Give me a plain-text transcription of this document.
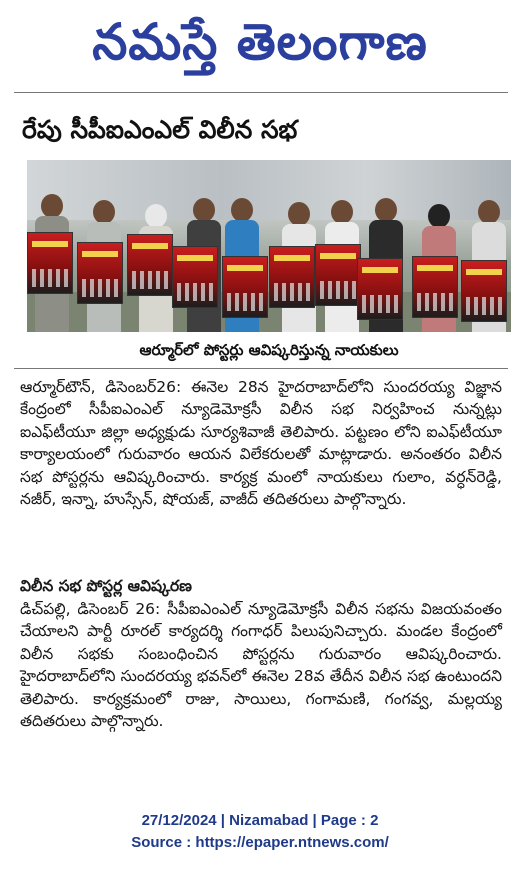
నమస్తే తెలంగాణ
రేపు సీపీఐఎంఎల్ విలీన సభ
ఆర్మూర్‌లో పోస్టర్లు ఆవిష్కరిస్తున్న నాయకులు
ఆర్మూర్‌టౌన్, డిసెంబర్26: ఈనెల 28న హైదరాబాద్‌లోని సుందరయ్య విజ్ఞాన కేంద్రంలో సీపీఐఎంఎల్ న్యూడెమోక్రసీ విలీన సభ నిర్వహించ నున్నట్లు ఐఎఫ్‌టీయూ జిల్లా అధ్యక్షుడు సూర్యశివాజీ తెలిపారు. పట్టణం లోని ఐఎఫ్‌టీయూ కార్యాలయంలో గురువారం ఆయన విలేకరులతో మాట్లాడారు. అనంతరం విలీన సభ పోస్టర్లను ఆవిష్కరించారు. కార్యక్ర మంలో నాయకులు గులాం, వర్ధన్‌రెడ్డి, నజీర్, ఇన్నా, హుస్సేన్, షోయజ్, వాజీద్ తదితరులు పాల్గొన్నారు.
విలీన సభ పోస్టర్ల ఆవిష్కరణ
డిచ్‌పల్లి, డిసెంబర్ 26: సీపీఐఎంఎల్ న్యూడెమోక్రసీ విలీన సభను విజయవంతం చేయాలని పార్టీ రూరల్ కార్యదర్శి గంగాధర్ పిలుపునిచ్చారు. మండల కేంద్రంలో విలీన సభకు సంబంధించిన పోస్టర్లను గురువారం ఆవిష్కరించారు. హైదరాబాద్‌లోని సుందరయ్య భవన్‌లో ఈనెల 28వ తేదీన విలీన సభ ఉంటుందని తెలిపారు. కార్యక్రమంలో రాజు, సాయిలు, గంగామణి, గంగవ్వ, మల్లయ్య తదితరులు పాల్గొన్నారు.
27/12/2024 | Nizamabad | Page : 2
Source : https://epaper.ntnews.com/
